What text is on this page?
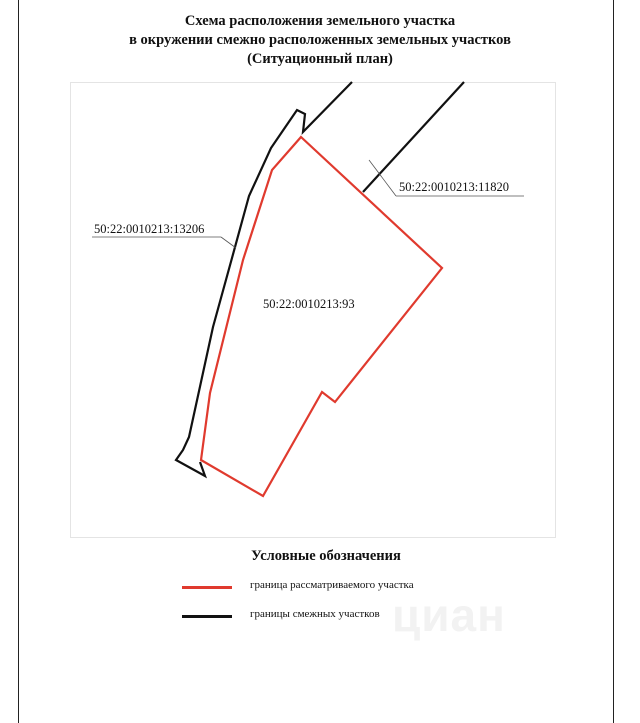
Схема расположения земельного участка
в окружении смежно расположенных земельных участков
(Ситуационный план)
50:22:0010213:13206
50:22:0010213:11820
50:22:0010213:93
циан
Условные обозначения
граница рассматриваемого участка
границы смежных участков
